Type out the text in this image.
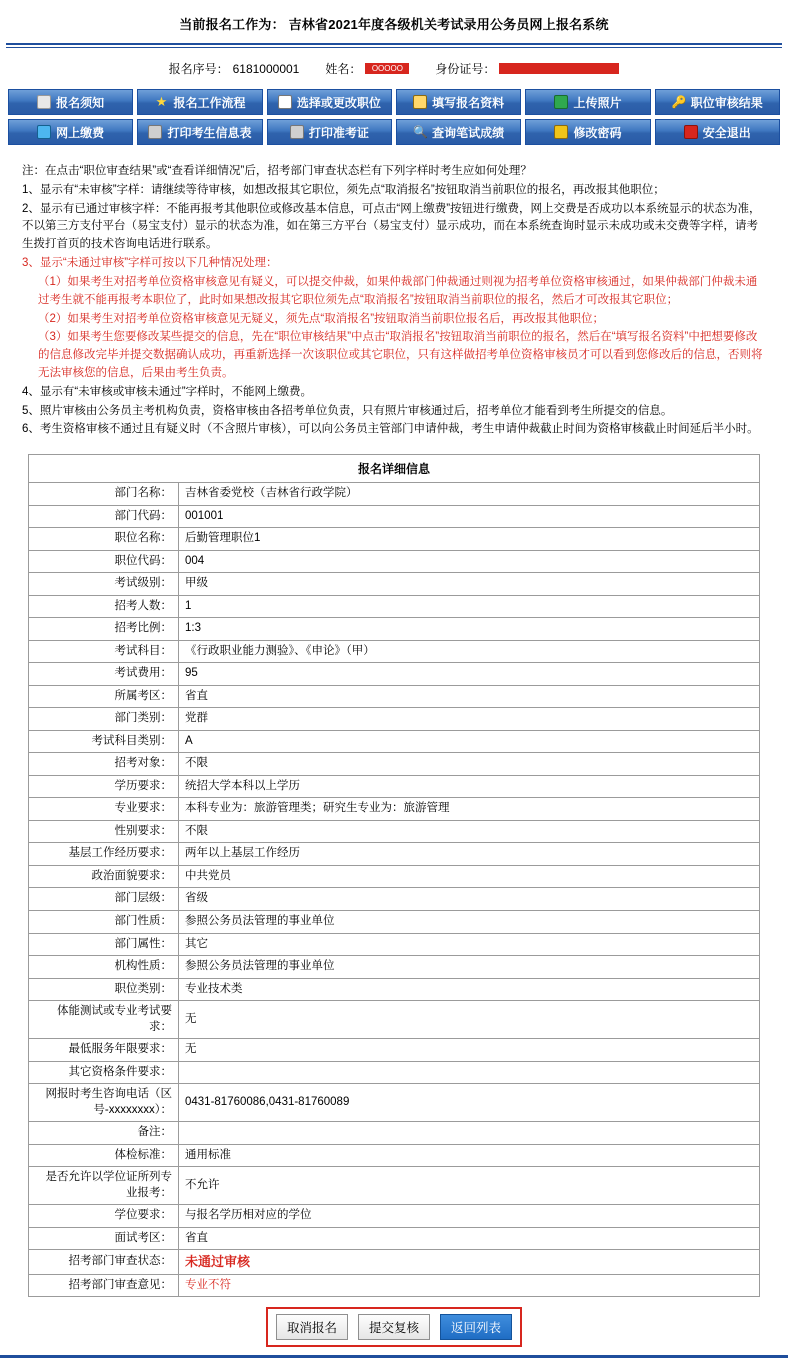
当前报名工作为： 吉林省2021年度各级机关考试录用公务员网上报名系统
报名序号： 6181000001 姓名：	OOOOO	身份证号：
报名须知	★ 报名工作流程	选择或更改职位	填写报名资料	上传照片	🔑 职位审核结果
网上缴费	打印考生信息表	打印准考证	🔍 查询笔试成绩	修改密码	安全退出

注：在点击“职位审查结果”或“查看详细情况”后，招考部门审查状态栏有下列字样时考生应如何处理？

1、显示有“未审核”字样：请继续等待审核，如想改报其它职位，须先点“取消报名”按钮取消当前职位的报名，再改报其他职位；

2、显示有已通过审核字样：不能再报考其他职位或修改基本信息，可点击“网上缴费”按钮进行缴费，网上交费是否成功以本系统显示的状态为准，不以第三方支付平台（易宝支付）显示的状态为准，如在第三方平台（易宝支付）显示成功，而在本系统查询时显示未成功或未交费等字样，请考生拨打首页的技术咨询电话进行联系。

3、显示“未通过审核”字样可按以下几种情况处理：

（1）如果考生对招考单位资格审核意见有疑义，可以提交仲裁，如果仲裁部门仲裁通过则视为招考单位资格审核通过，如果仲裁部门仲裁未通过考生就不能再报考本职位了，此时如果想改报其它职位须先点“取消报名”按钮取消当前职位的报名，然后才可改报其它职位；

（2）如果考生对招考单位资格审核意见无疑义，须先点“取消报名”按钮取消当前职位报名后，再改报其他职位；

（3）如果考生您要修改某些提交的信息，先在“职位审核结果”中点击“取消报名”按钮取消当前职位的报名，然后在“填写报名资料”中把想要修改的信息修改完毕并提交数据确认成功，再重新选择一次该职位或其它职位，只有这样做招考单位资格审核员才可以看到您修改后的信息，否则将无法审核您的信息，后果由考生负责。

4、显示有“未审核或审核未通过”字样时，不能网上缴费。

5、照片审核由公务员主考机构负责，资格审核由各招考单位负责，只有照片审核通过后，招考单位才能看到考生所提交的信息。

6、考生资格审核不通过且有疑义时（不含照片审核），可以向公务员主管部门申请仲裁，考生申请仲裁截止时间为资格审核截止时间延后半小时。

报名详细信息	
部门名称：	吉林省委党校（吉林省行政学院）
部门代码：	001001
职位名称：	后勤管理职位1
职位代码：	004
考试级别：	甲级
招考人数：	1
招考比例：	1:3
考试科目：	《行政职业能力测验》、《申论》（甲）
考试费用：	95
所属考区：	省直
部门类别：	党群
考试科目类别：	A
招考对象：	不限
学历要求：	统招大学本科以上学历
专业要求：	本科专业为：旅游管理类；研究生专业为：旅游管理
性别要求：	不限
基层工作经历要求：	两年以上基层工作经历
政治面貌要求：	中共党员
部门层级：	省级
部门性质：	参照公务员法管理的事业单位
部门属性：	其它
机构性质：	参照公务员法管理的事业单位
职位类别：	专业技术类
体能测试或专业考试要求：	无
最低服务年限要求：	无
其它资格条件要求：	
网报时考生咨询电话（区号-xxxxxxxx）：	0431-81760086,0431-81760089
备注：	
体检标准：	通用标准
是否允许以学位证所列专业报考：	不允许
学位要求：	与报名学历相对应的学位
面试考区：	省直
招考部门审查状态：	未通过审核
招考部门审查意见：	专业不符
取消报名	提交复核	返回列表
